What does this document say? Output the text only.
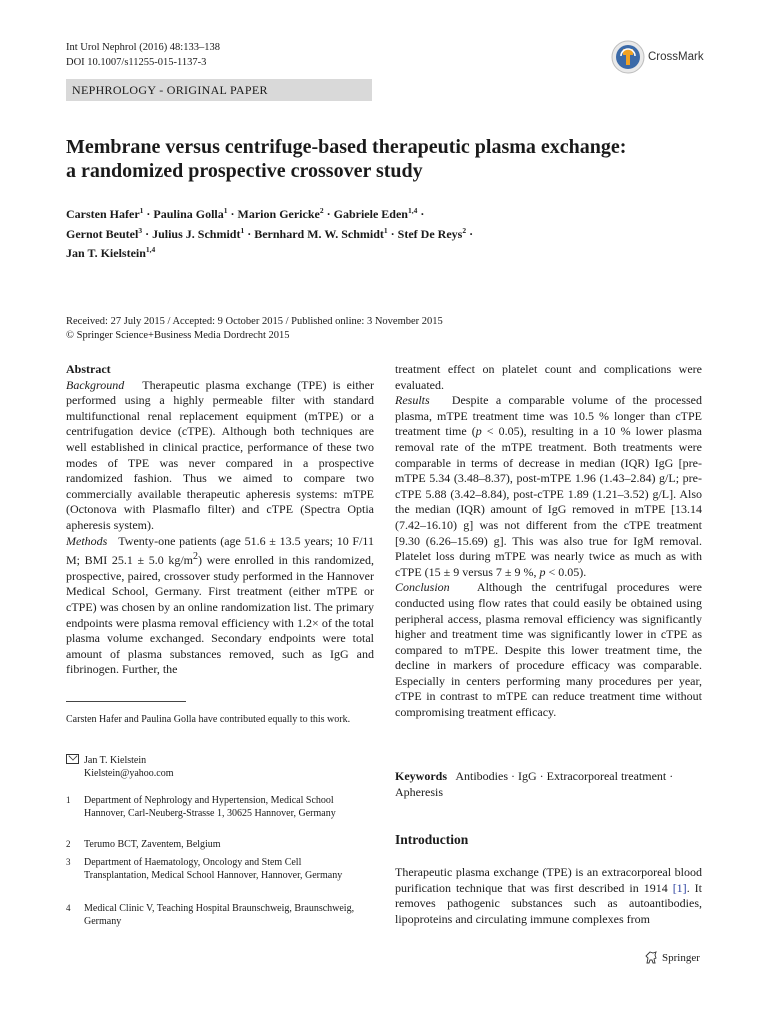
Int Urol Nephrol (2016) 48:133–138
DOI 10.1007/s11255-015-1137-3
NEPHROLOGY - ORIGINAL PAPER
CrossMark
Membrane versus centrifuge-based therapeutic plasma exchange:
a randomized prospective crossover study
Carsten Hafer$^1$ · Paulina Golla$^1$ · Marion Gericke$^2$ · Gabriele Eden$^{1,4}$ ·
Gernot Beutel$^3$ · Julius J. Schmidt$^1$ · Bernhard M. W. Schmidt$^1$ · Stef De Reys$^2$ ·
Jan T. Kielstein$^{1,4}$
Received: 27 July 2015 / Accepted: 9 October 2015 / Published online: 3 November 2015
© Springer Science+Business Media Dordrecht 2015
Abstract

Background Therapeutic plasma exchange (TPE) is either performed using a highly permeable filter with standard multifunctional renal replacement equipment (mTPE) or a centrifugation device (cTPE). Although both techniques are well established in clinical practice, performance of these two modes of TPE was never compared in a prospective randomized fashion. Thus we aimed to compare two commercially available therapeutic apheresis systems: mTPE (Octonova with Plasmaflo filter) and cTPE (Spectra Optia apheresis system).

Methods Twenty-one patients (age 51.6 ± 13.5 years; 10 F/11 M; BMI 25.1 ± 5.0 $kg/m^2$) were enrolled in this randomized, prospective, paired, crossover study performed in the Hannover Medical School, Germany. First treatment (either mTPE or cTPE) was chosen by an online randomization list. The primary endpoints were plasma removal efficiency with 1.2× of the total plasma volume exchanged. Secondary endpoints were total amount of plasma substances removed, such as IgG and fibrinogen. Further, the

Carsten Hafer and Paulina Golla have contributed equally to this work.
Jan T. Kielstein
Kielstein@yahoo.com
1 Department of Nephrology and Hypertension, Medical School Hannover, Carl-Neuberg-Strasse 1, 30625 Hannover, Germany
2 Terumo BCT, Zaventem, Belgium
3 Department of Haematology, Oncology and Stem Cell Transplantation, Medical School Hannover, Hannover, Germany
4 Medical Clinic V, Teaching Hospital Braunschweig, Braunschweig, Germany

treatment effect on platelet count and complications were evaluated.

Results Despite a comparable volume of the processed plasma, mTPE treatment time was 10.5 % longer than cTPE treatment time (p < 0.05), resulting in a 10 % lower plasma removal rate of the mTPE treatment. Both treatments were comparable in terms of decrease in median (IQR) IgG [pre-mTPE 5.34 (3.48–8.37), post-mTPE 1.96 (1.43–2.84) g/L; pre-cTPE 5.88 (3.42–8.84), post-cTPE 1.89 (1.21–3.52) g/L]. Also the median (IQR) amount of IgG removed in mTPE [13.14 (7.42–16.10) g] was not different from the cTPE treatment [9.30 (6.26–15.69) g]. This was also true for IgM removal. Platelet loss during mTPE was nearly twice as much as with cTPE (15 ± 9 versus 7 ± 9 %, p < 0.05).

Conclusion Although the centrifugal procedures were conducted using flow rates that could easily be obtained using peripheral access, plasma removal efficiency was significantly higher and treatment time was significantly lower in cTPE as compared to mTPE. Despite this lower treatment time, the decline in markers of procedure efficacy was comparable. Especially in centers performing many procedures per year, cTPE in contrast to mTPE can reduce treatment time without compromising treatment efficacy.

Keywords Antibodies · IgG · Extracorporeal treatment · Apheresis
Introduction
Therapeutic plasma exchange (TPE) is an extracorporeal blood purification technique that was first described in 1914 [1]. It removes pathogenic substances such as autoantibodies, lipoproteins and circulating immune complexes from
Springer
